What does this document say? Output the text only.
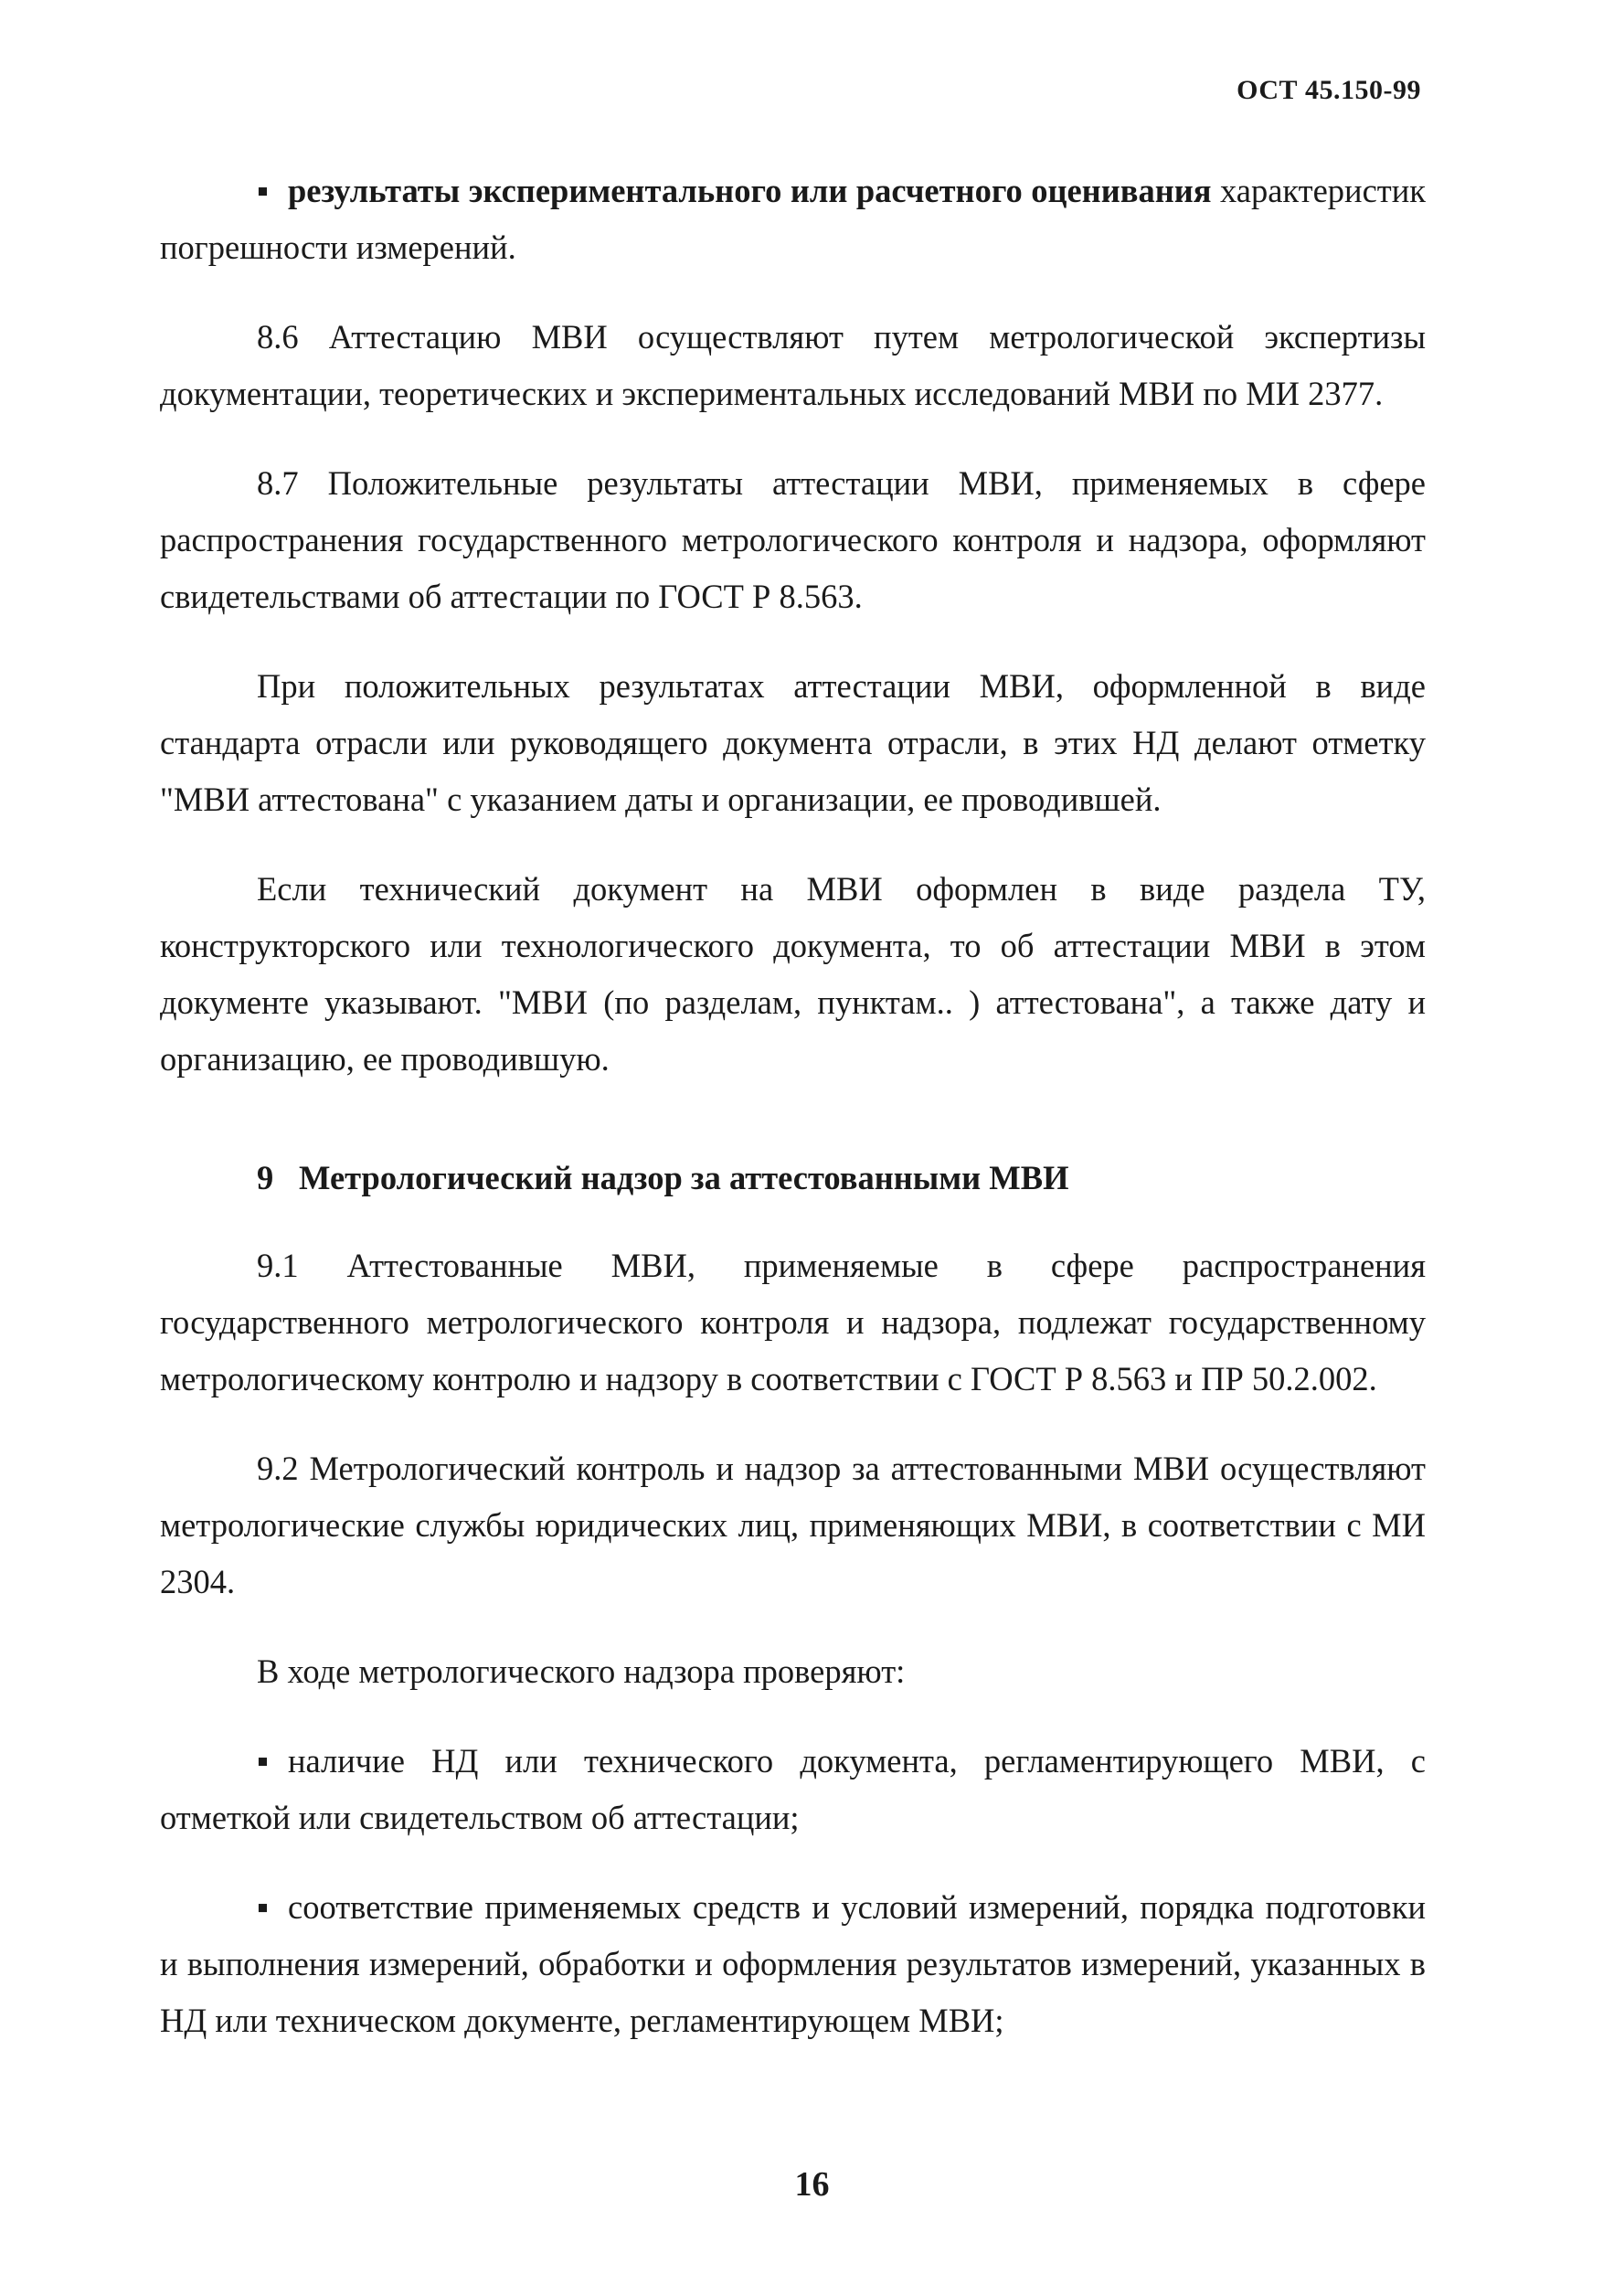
ОСТ 45.150-99

▪ результаты экспериментального или расчетного оценивания характеристик погрешности измерений.

8.6 Аттестацию МВИ осуществляют путем метрологической экспертизы документации, теоретических и экспериментальных исследований МВИ по МИ 2377.

8.7 Положительные результаты аттестации МВИ, применяемых в сфере распространения государственного метрологического контроля и надзора, оформляют свидетельствами об аттестации по ГОСТ Р 8.563.

При положительных результатах аттестации МВИ, оформленной в виде стандарта отрасли или руководящего документа отрасли, в этих НД делают отметку "МВИ аттестована" с указанием даты и организации, ее проводившей.

Если технический документ на МВИ оформлен в виде раздела ТУ, конструкторского или технологического документа, то об аттестации МВИ в этом документе указывают. "МВИ (по разделам, пунктам.. ) аттестована", а также дату и организацию, ее проводившую.

9 Метрологический надзор за аттестованными МВИ

9.1 Аттестованные МВИ, применяемые в сфере распространения государственного метрологического контроля и надзора, подлежат государственному метрологическому контролю и надзору в соответствии с ГОСТ Р 8.563 и ПР 50.2.002.

9.2 Метрологический контроль и надзор за аттестованными МВИ осуществляют метрологические службы юридических лиц, применяющих МВИ, в соответствии с МИ 2304.

В ходе метрологического надзора проверяют:

▪ наличие НД или технического документа, регламентирующего МВИ, с отметкой или свидетельством об аттестации;

▪ соответствие применяемых средств и условий измерений, порядка подготовки и выполнения измерений, обработки и оформления результатов измерений, указанных в НД или техническом документе, регламентирующем МВИ;

16
